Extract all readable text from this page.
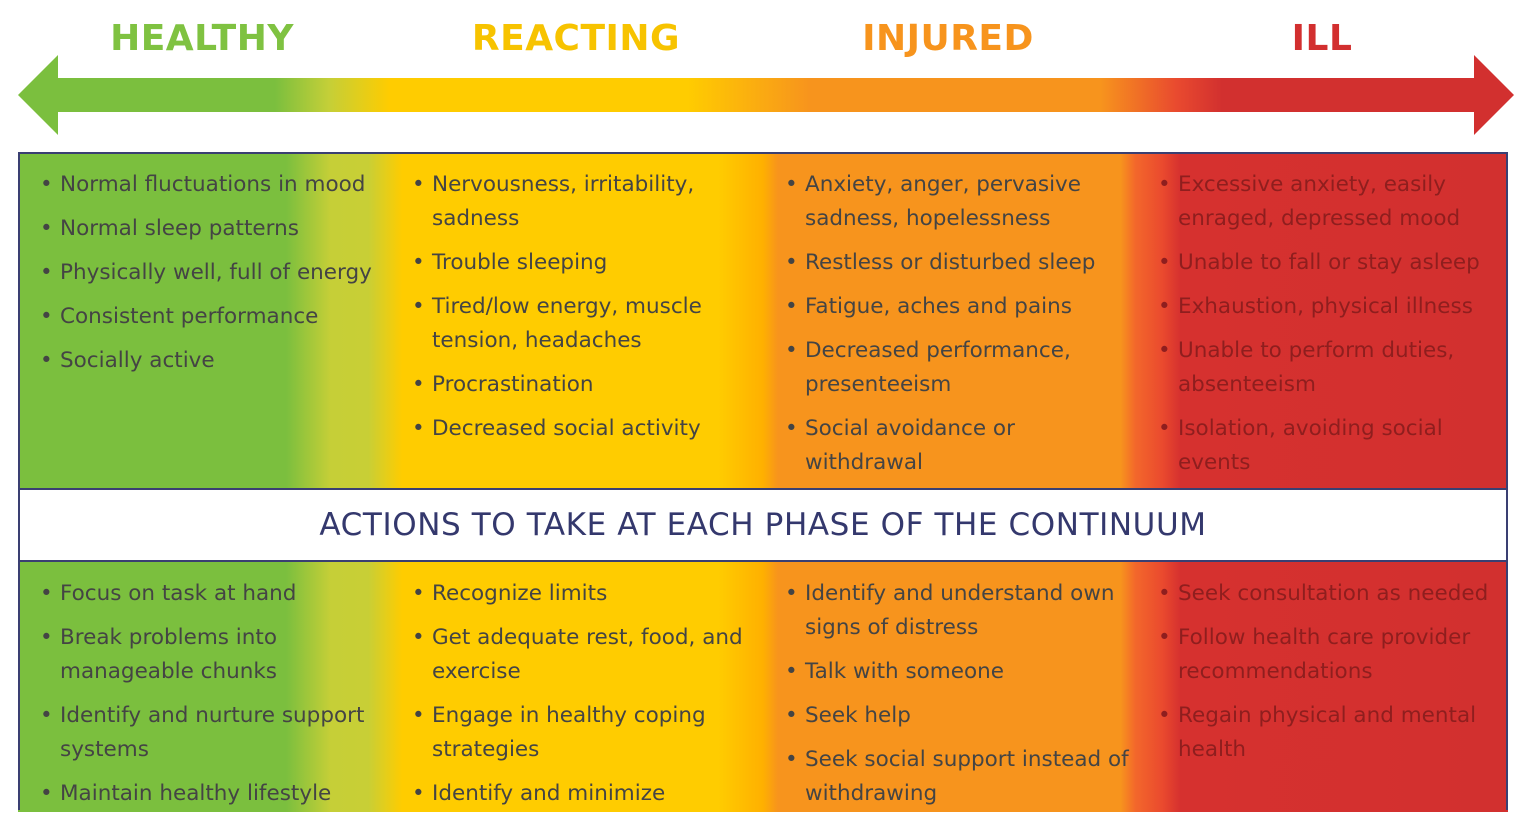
HEALTHY	REACTING	INJURED	ILL
• Normal fluctuations in mood
• Normal sleep patterns
• Physically well, full of energy
• Consistent performance
• Socially active
• Nervousness, irritability, sadness
• Trouble sleeping
• Tired/low energy, muscle tension, headaches
• Procrastination
• Decreased social activity
• Anxiety, anger, pervasive sadness, hopelessness
• Restless or disturbed sleep
• Fatigue, aches and pains
• Decreased performance, presenteeism
• Social avoidance or withdrawal
• Excessive anxiety, easily enraged, depressed mood
• Unable to fall or stay asleep
• Exhaustion, physical illness
• Unable to perform duties, absenteeism
• Isolation, avoiding social events
ACTIONS TO TAKE AT EACH PHASE OF THE CONTINUUM
• Focus on task at hand
• Break problems into manageable chunks
• Identify and nurture support systems
• Maintain healthy lifestyle
• Recognize limits
• Get adequate rest, food, and exercise
• Engage in healthy coping strategies
• Identify and minimize
• Identify and understand own signs of distress
• Talk with someone
• Seek help
• Seek social support instead of withdrawing
• Seek consultation as needed
• Follow health care provider recommendations
• Regain physical and mental health
